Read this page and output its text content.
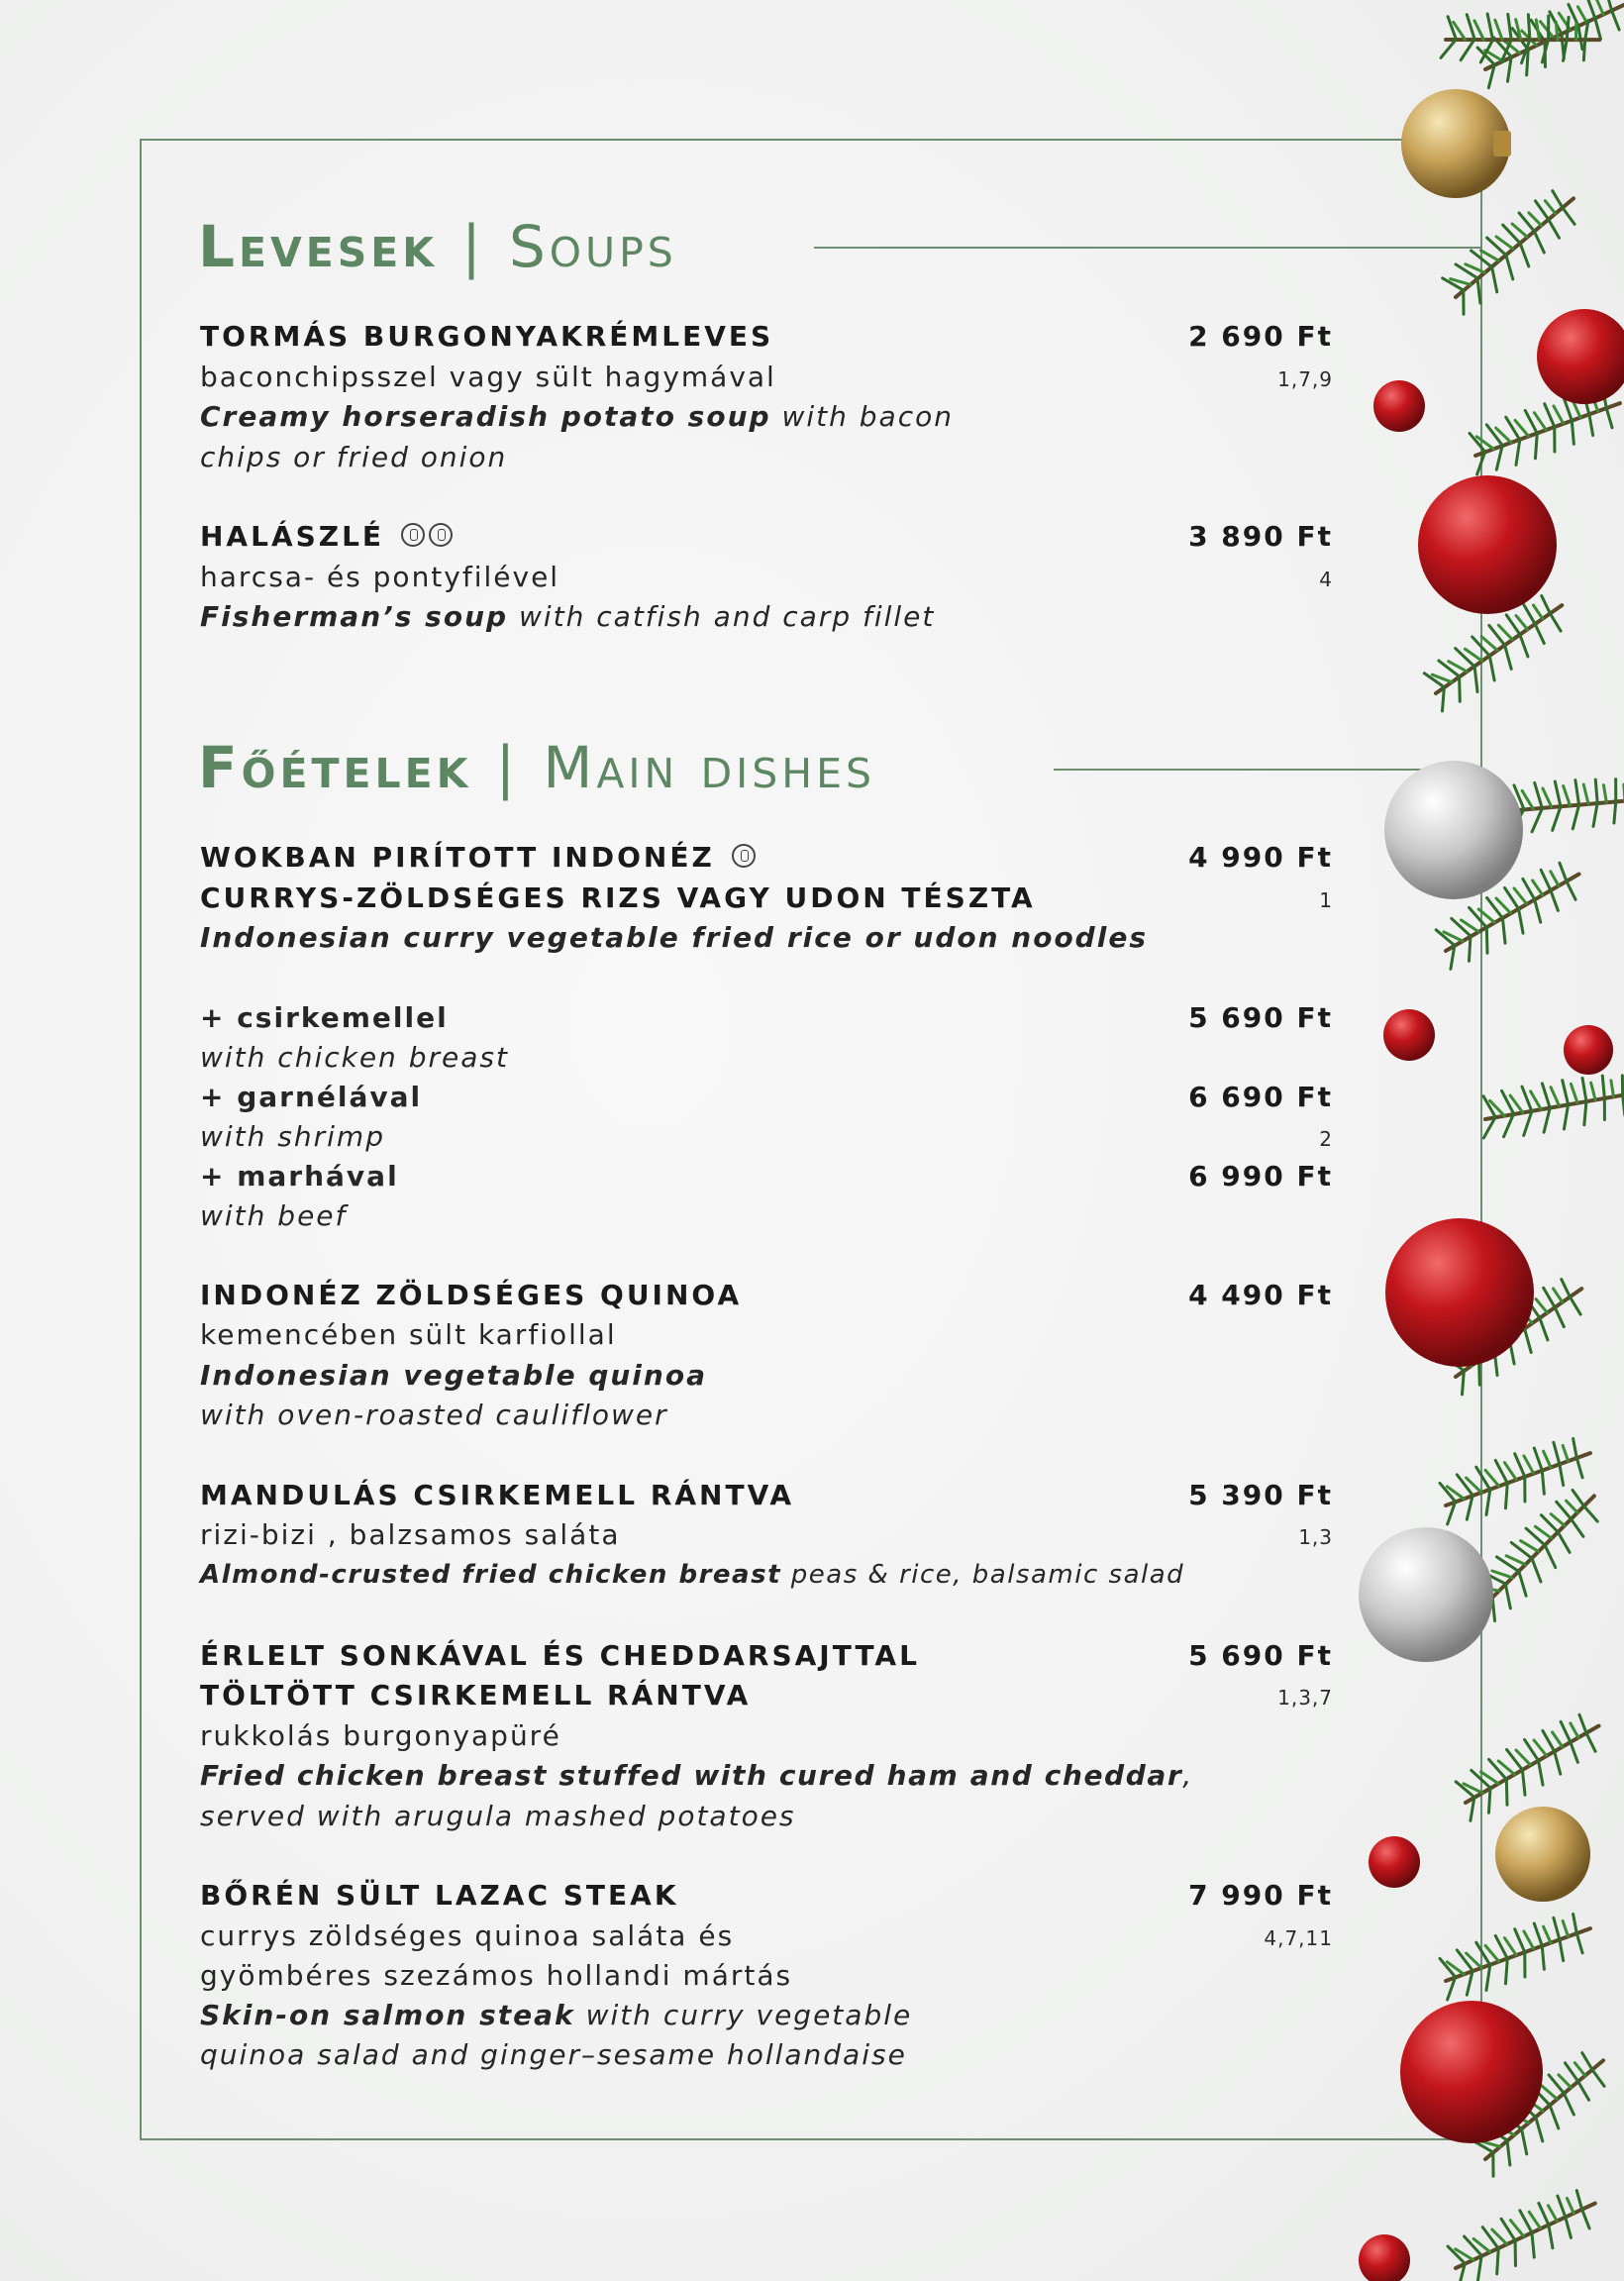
Levesek | Soups
TORMÁS BURGONYAKRÉMLEVES	2 690 Ft
baconchipsszel vagy sült hagymával	1,7,9
Creamy horseradish potato soup with bacon
chips or fried onion
HALÁSZLÉ	3 890 Ft
harcsa- és pontyfilével	4
Fisherman’s soup with catfish and carp fillet
Főételek | Main dishes
WOKBAN PIRÍTOTT INDONÉZ	4 990 Ft
CURRYS-ZÖLDSÉGES RIZS VAGY UDON TÉSZTA	1
Indonesian curry vegetable fried rice or udon noodles
+ csirkemellel	5 690 Ft
with chicken breast
+ garnélával	6 690 Ft
with shrimp	2
+ marhával	6 990 Ft
with beef
INDONÉZ ZÖLDSÉGES QUINOA	4 490 Ft
kemencében sült karfiollal
Indonesian vegetable quinoa
with oven-roasted cauliflower
MANDULÁS CSIRKEMELL RÁNTVA	5 390 Ft
rizi-bizi , balzsamos saláta	1,3
Almond-crusted fried chicken breast peas & rice, balsamic salad
ÉRLELT SONKÁVAL ÉS CHEDDARSAJTTAL	5 690 Ft
TÖLTÖTT CSIRKEMELL RÁNTVA	1,3,7
rukkolás burgonyapüré
Fried chicken breast stuffed with cured ham and cheddar,
served with arugula mashed potatoes
BŐRÉN SÜLT LAZAC STEAK	7 990 Ft
currys zöldséges quinoa saláta és	4,7,11
gyömbéres szezámos hollandi mártás
Skin-on salmon steak with curry vegetable
quinoa salad and ginger–sesame hollandaise
